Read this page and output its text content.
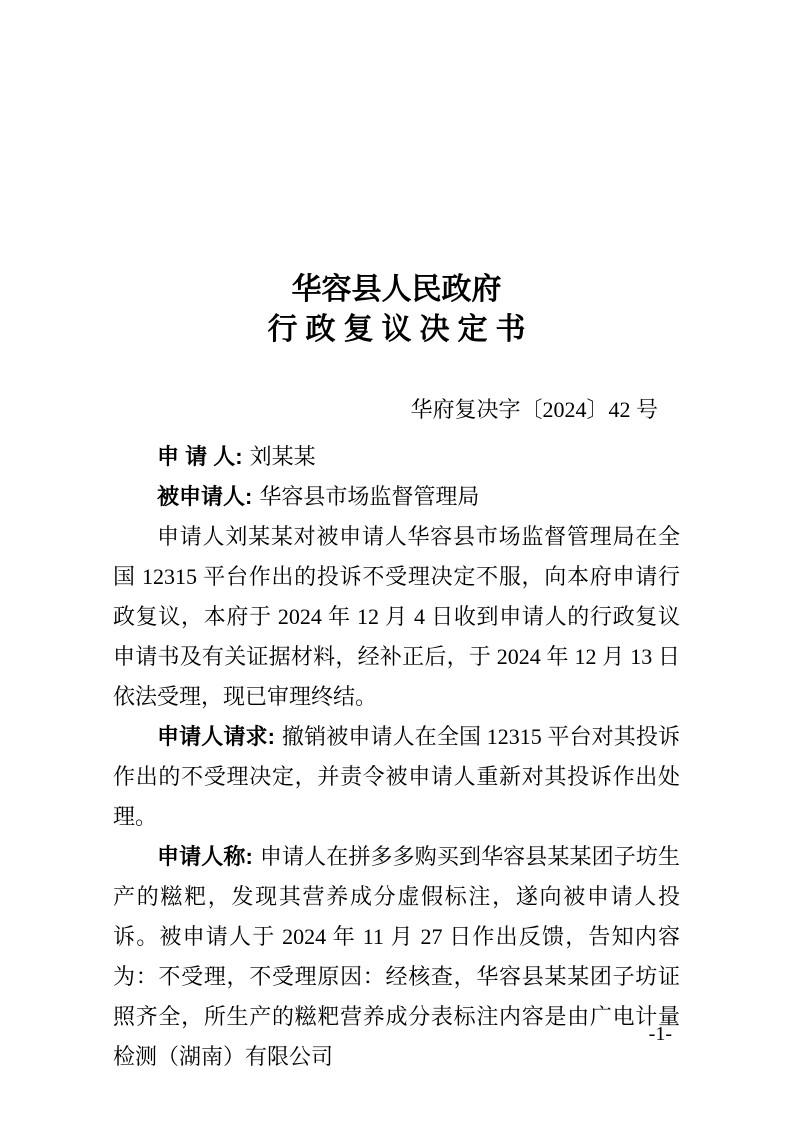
华容县人民政府
行政复议决定书
华府复决字〔2024〕42 号
申 请 人: 刘某某
被申请人: 华容县市场监督管理局

申请人刘某某对被申请人华容县市场监督管理局在全国 12315 平台作出的投诉不受理决定不服，向本府申请行政复议，本府于 2024 年 12 月 4 日收到申请人的行政复议申请书及有关证据材料，经补正后，于 2024 年 12 月 13 日依法受理，现已审理终结。

申请人请求: 撤销被申请人在全国 12315 平台对其投诉作出的不受理决定，并责令被申请人重新对其投诉作出处理。

申请人称: 申请人在拼多多购买到华容县某某团子坊生产的糍粑，发现其营养成分虚假标注，遂向被申请人投诉。被申请人于 2024 年 11 月 27 日作出反馈，告知内容为：不受理，不受理原因：经核查，华容县某某团子坊证照齐全，所生产的糍粑营养成分表标注内容是由广电计量检测（湖南）有限公司

-1-
